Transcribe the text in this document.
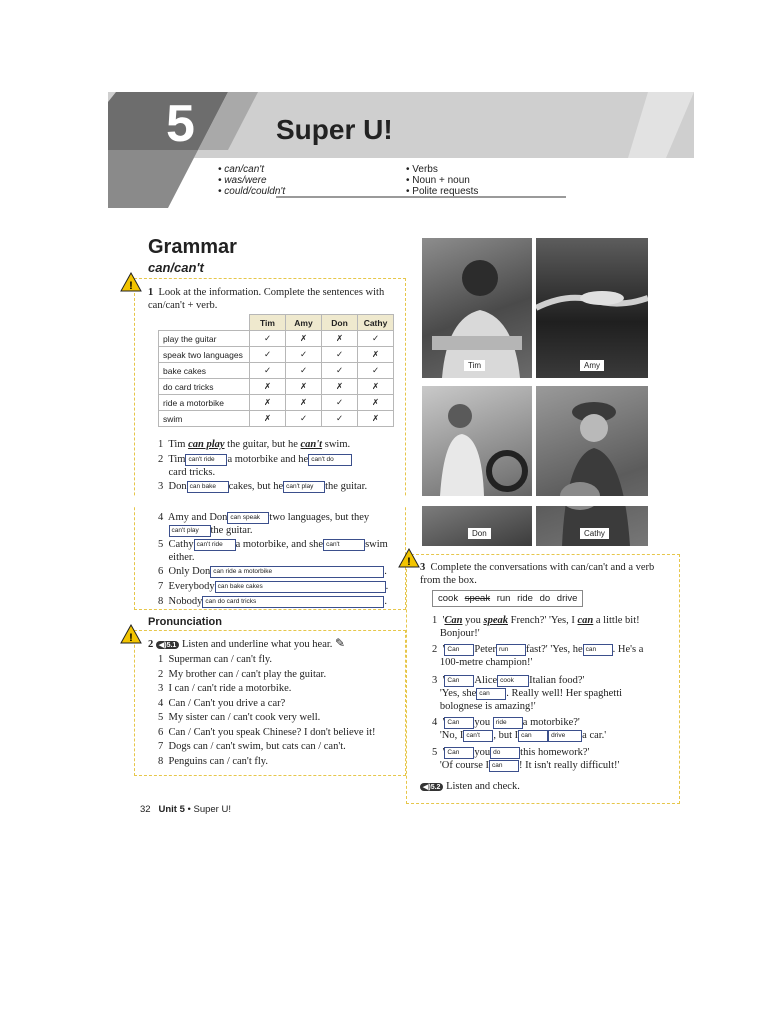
5	Super U!
• can/can't
• was/were
• could/couldn't
• Verbs
• Noun + noun
• Polite requests
Grammar
can/can't
!
1 Look at the information. Complete the sentences with can/can't + verb.
	Tim	Amy	Don	Cathy
play the guitar	✓	✗	✗	✓
speak two languages	✓	✓	✓	✗
bake cakes	✓	✓	✓	✓
do card tricks	✗	✗	✗	✗
ride a motorbike	✗	✗	✓	✗
swim	✗	✓	✓	✗
1 Tim can play the guitar, but he can't swim.
2 Tim can't ride a motorbike and he can't do
card tricks.
3 Don can bake cakes, but he can't play the guitar.
4 Amy and Don can speak two languages, but they
can't play the guitar.
5 Cathy can't ride a motorbike, and she can't swim
either.
6 Only Don can ride a motorbike	.
7 Everybody can bake cakes	.
8 Nobody can do card tricks	.
Pronunciation
!
2 ◀)5.1 Listen and underline what you hear. ✎
1 Superman can / can't fly.
2 My brother can / can't play the guitar.
3 I can / can't ride a motorbike.
4 Can / Can't you drive a car?
5 My sister can / can't cook very well.
6 Can / Can't you speak Chinese? I don't believe it!
7 Dogs can / can't swim, but cats can / can't.
8 Penguins can / can't fly.
Tim	Amy
Don	Cathy
! 3 Complete the conversations with can/can't and a verb from the box.
cook speak run ride do drive
1 'Can you speak French?' 'Yes, I can a little bit!
Bonjour!'
2 Can Peter run fast?' 'Yes, he can . He's a
100-metre champion!'
3 Can Alice cook Italian food?'
'Yes, she can . Really well! Her spaghetti
bolognese is amazing!'
4 Can you ride a motorbike?'
'No, I can't , but I can	drive a car.'
5 Can you do this homework?'
'Of course I can ! It isn't really difficult!'
◀)5.2 Listen and check.
32 Unit 5 • Super U!
